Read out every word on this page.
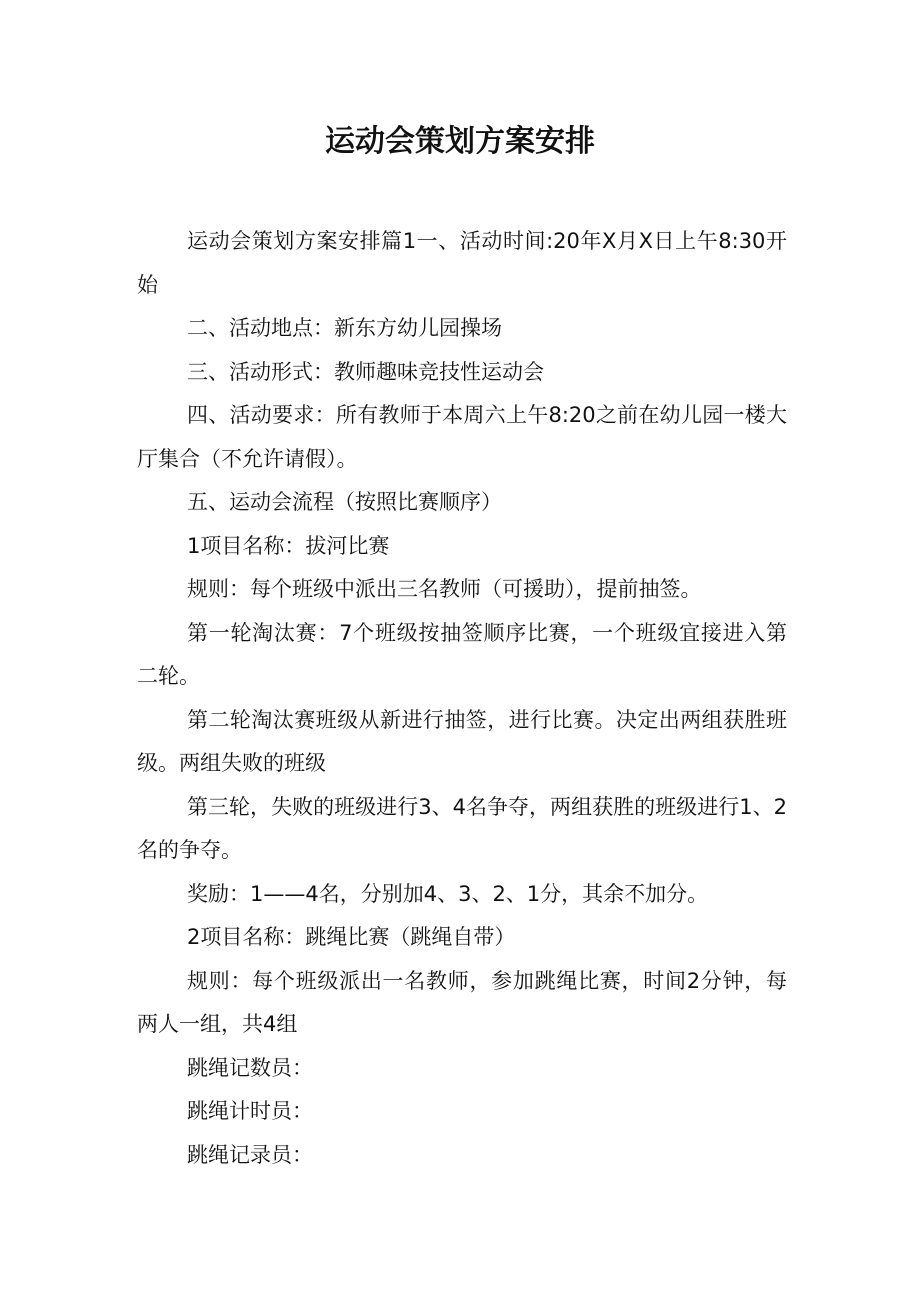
运动会策划方案安排

运动会策划方案安排篇1一、活动时间:20年X月X日上午8:30开始

二、活动地点：新东方幼儿园操场

三、活动形式：教师趣味竞技性运动会

四、活动要求：所有教师于本周六上午8:20之前在幼儿园一楼大厅集合（不允许请假）。

五、运动会流程（按照比赛顺序）

1项目名称：拔河比赛

规则：每个班级中派出三名教师（可援助），提前抽签。

第一轮淘汰赛：7个班级按抽签顺序比赛，一个班级宜接进入第二轮。

第二轮淘汰赛班级从新进行抽签，进行比赛。决定出两组获胜班级。两组失败的班级

第三轮，失败的班级进行3、4名争夺，两组获胜的班级进行1、2名的争夺。

奖励：1——4名，分别加4、3、2、1分，其余不加分。

2项目名称：跳绳比赛（跳绳自带）

规则：每个班级派出一名教师，参加跳绳比赛，时间2分钟，每两人一组，共4组

跳绳记数员：

跳绳计时员：

跳绳记录员：
